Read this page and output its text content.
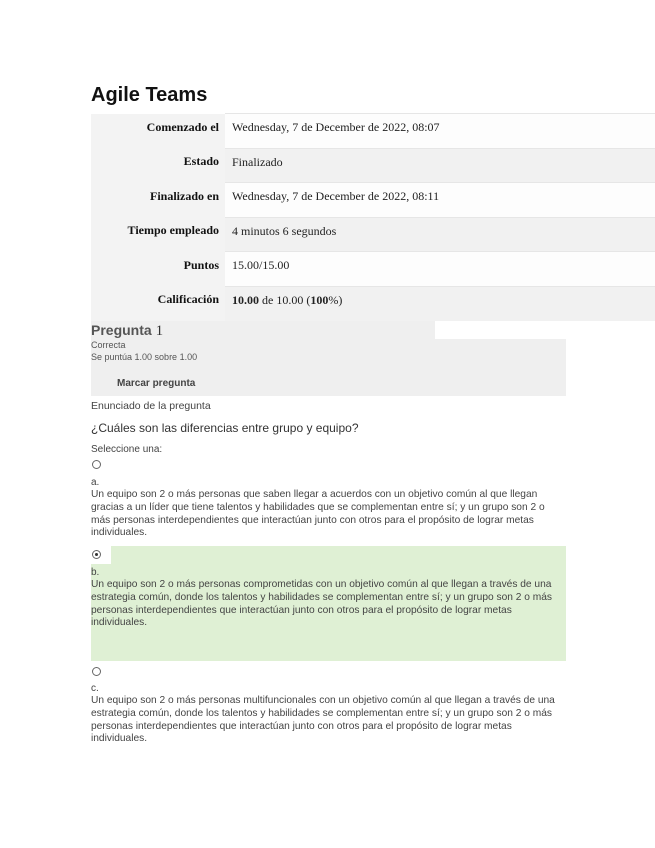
Agile Teams
Comenzado el	Wednesday, 7 de December de 2022, 08:07
Estado	Finalizado
Finalizado en	Wednesday, 7 de December de 2022, 08:11
Tiempo empleado	4 minutos 6 segundos
Puntos	15.00/15.00
Calificación	10.00 de 10.00 (100%)
Pregunta 1
Correcta
Se puntúa 1.00 sobre 1.00
Marcar pregunta
Enunciado de la pregunta
¿Cuáles son las diferencias entre grupo y equipo?
Seleccione una:
a.
Un equipo son 2 o más personas que saben llegar a acuerdos con un objetivo común al que llegan gracias a un líder que tiene talentos y habilidades que se complementan entre sí; y un grupo son 2 o más personas interdependientes que interactúan junto con otros para el propósito de lograr metas individuales.
b.
Un equipo son 2 o más personas comprometidas con un objetivo común al que llegan a través de una estrategia común, donde los talentos y habilidades se complementan entre sí; y un grupo son 2 o más personas interdependientes que interactúan junto con otros para el propósito de lograr metas individuales.
c.
Un equipo son 2 o más personas multifuncionales con un objetivo común al que llegan a través de una estrategia común, donde los talentos y habilidades se complementan entre sí; y un grupo son 2 o más personas interdependientes que interactúan junto con otros para el propósito de lograr metas individuales.
